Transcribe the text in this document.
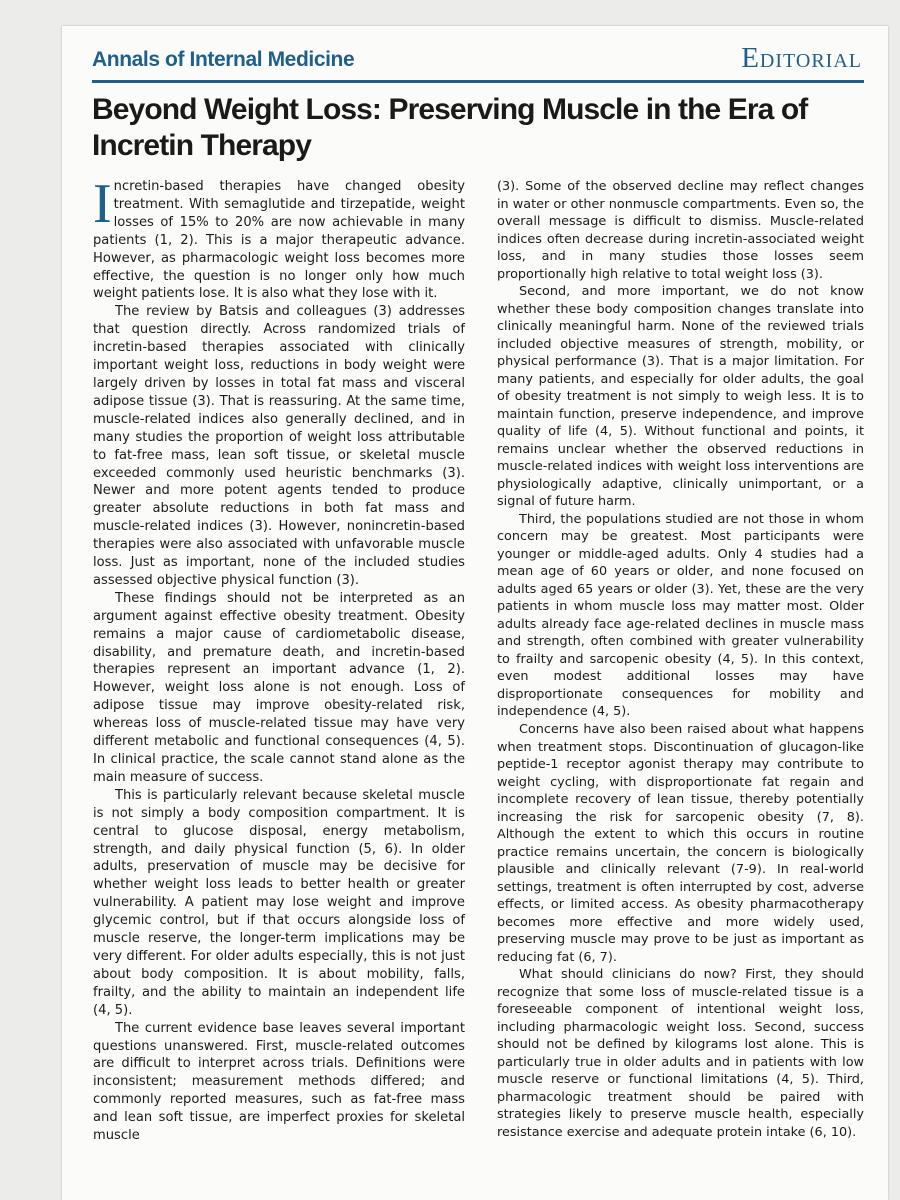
Beyond Weight Loss: Preserving Muscle in the Era of Incretin Therapy

Incretin-based therapies have changed obesity treatment. With semaglutide and tirzepatide, weight losses of 15% to 20% are now achievable in many patients (1, 2). This is a major therapeutic advance. However, as pharmacologic weight loss becomes more effective, the question is no longer only how much weight patients lose. It is also what they lose with it.

The review by Batsis and colleagues (3) addresses that question directly. Across randomized trials of incretin-based therapies associated with clinically important weight loss, reductions in body weight were largely driven by losses in total fat mass and visceral adipose tissue (3). That is reassuring. At the same time, muscle-related indices also generally declined, and in many studies the proportion of weight loss attributable to fat-free mass, lean soft tissue, or skeletal muscle exceeded commonly used heuristic benchmarks (3). Newer and more potent agents tended to produce greater absolute reductions in both fat mass and muscle-related indices (3). However, nonincretin-based therapies were also associated with unfavorable muscle loss. Just as important, none of the included studies assessed objective physical function (3).

These findings should not be interpreted as an argument against effective obesity treatment. Obesity remains a major cause of cardiometabolic disease, disability, and premature death, and incretin-based therapies represent an important advance (1, 2). However, weight loss alone is not enough. Loss of adipose tissue may improve obesity-related risk, whereas loss of muscle-related tissue may have very different metabolic and functional consequences (4, 5). In clinical practice, the scale cannot stand alone as the main measure of success.

This is particularly relevant because skeletal muscle is not simply a body composition compartment. It is central to glucose disposal, energy metabolism, strength, and daily physical function (5, 6). In older adults, preservation of muscle may be decisive for whether weight loss leads to better health or greater vulnerability. A patient may lose weight and improve glycemic control, but if that occurs alongside loss of muscle reserve, the longer-term implications may be very different. For older adults especially, this is not just about body composition. It is about mobility, falls, frailty, and the ability to maintain an independent life (4, 5).

The current evidence base leaves several important questions unanswered. First, muscle-related outcomes are difficult to interpret across trials. Definitions were inconsistent; measurement methods differed; and commonly reported measures, such as fat-free mass and lean soft tissue, are imperfect proxies for skeletal muscle

(3). Some of the observed decline may reflect changes in water or other nonmuscle compartments. Even so, the overall message is difficult to dismiss. Muscle-related indices often decrease during incretin-associated weight loss, and in many studies those losses seem proportionally high relative to total weight loss (3).

Second, and more important, we do not know whether these body composition changes translate into clinically meaningful harm. None of the reviewed trials included objective measures of strength, mobility, or physical performance (3). That is a major limitation. For many patients, and especially for older adults, the goal of obesity treatment is not simply to weigh less. It is to maintain function, preserve independence, and improve quality of life (4, 5). Without functional and points, it remains unclear whether the observed reductions in muscle-related indices with weight loss interventions are physiologically adaptive, clinically unimportant, or a signal of future harm.

Third, the populations studied are not those in whom concern may be greatest. Most participants were younger or middle-aged adults. Only 4 studies had a mean age of 60 years or older, and none focused on adults aged 65 years or older (3). Yet, these are the very patients in whom muscle loss may matter most. Older adults already face age-related declines in muscle mass and strength, often combined with greater vulnerability to frailty and sarcopenic obesity (4, 5). In this context, even modest additional losses may have disproportionate consequences for mobility and independence (4, 5).

Concerns have also been raised about what happens when treatment stops. Discontinuation of glucagon-like peptide-1 receptor agonist therapy may contribute to weight cycling, with disproportionate fat regain and incomplete recovery of lean tissue, thereby potentially increasing the risk for sarcopenic obesity (7, 8). Although the extent to which this occurs in routine practice remains uncertain, the concern is biologically plausible and clinically relevant (7-9). In real-world settings, treatment is often interrupted by cost, adverse effects, or limited access. As obesity pharmacotherapy becomes more effective and more widely used, preserving muscle may prove to be just as important as reducing fat (6, 7).

What should clinicians do now? First, they should recognize that some loss of muscle-related tissue is a foreseeable component of intentional weight loss, including pharmacologic weight loss. Second, success should not be defined by kilograms lost alone. This is particularly true in older adults and in patients with low muscle reserve or functional limitations (4, 5). Third, pharmacologic treatment should be paired with strategies likely to preserve muscle health, especially resistance exercise and adequate protein intake (6, 10).

Annals of Internal Medicine	Editorial
